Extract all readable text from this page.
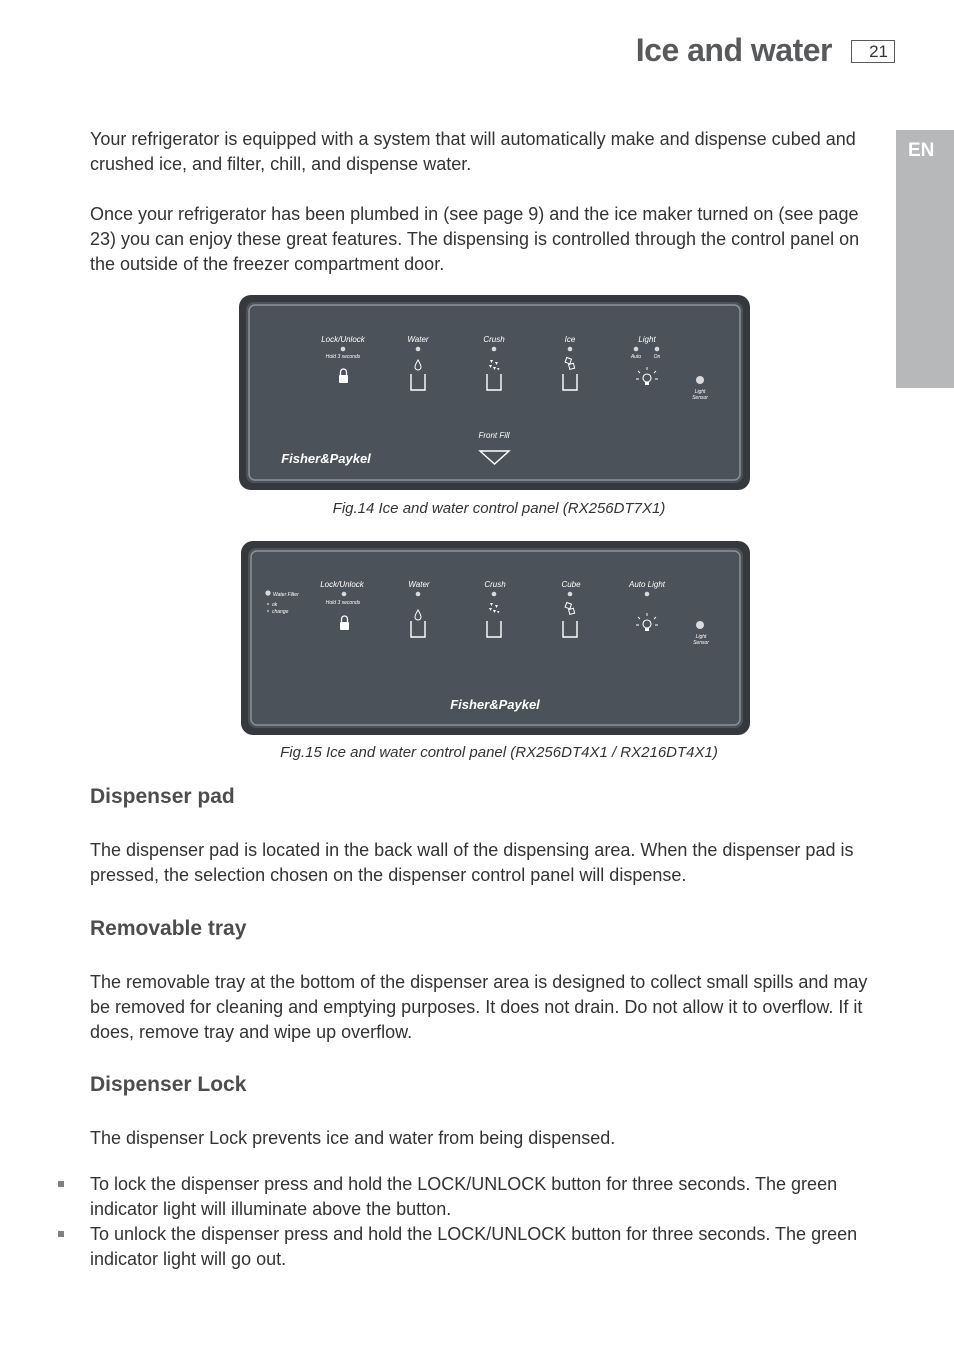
Ice and water	21
EN

Your refrigerator is equipped with a system that will automatically make and dispense cubed and crushed ice, and filter, chill, and dispense water.

Once your refrigerator has been plumbed in (see page 9) and the ice maker turned on (see page 23) you can enjoy these great features. The dispensing is controlled through the control panel on the outside of the freezer compartment door.

Lock/Unlock
Hold 3 seconds
Water	Crush	Ice	Light
Auto	On
Light
Sensor
Front Fill
Fisher&Paykel

Fig.14 Ice and water control panel (RX256DT7X1)

Water Filter
ok
change
Lock/Unlock
Hold 3 seconds
Water	Crush	Cube	Auto Light
Light
Sensor
Fisher&Paykel

Fig.15 Ice and water control panel (RX256DT4X1 / RX216DT4X1)

Dispenser pad

The dispenser pad is located in the back wall of the dispensing area. When the dispenser pad is pressed, the selection chosen on the dispenser control panel will dispense.

Removable tray

The removable tray at the bottom of the dispenser area is designed to collect small spills and may be removed for cleaning and emptying purposes. It does not drain. Do not allow it to overflow. If it does, remove tray and wipe up overflow.

Dispenser Lock

The dispenser Lock prevents ice and water from being dispensed.

To lock the dispenser press and hold the LOCK/UNLOCK button for three seconds. The green indicator light will illuminate above the button.

To unlock the dispenser press and hold the LOCK/UNLOCK button for three seconds. The green indicator light will go out.
